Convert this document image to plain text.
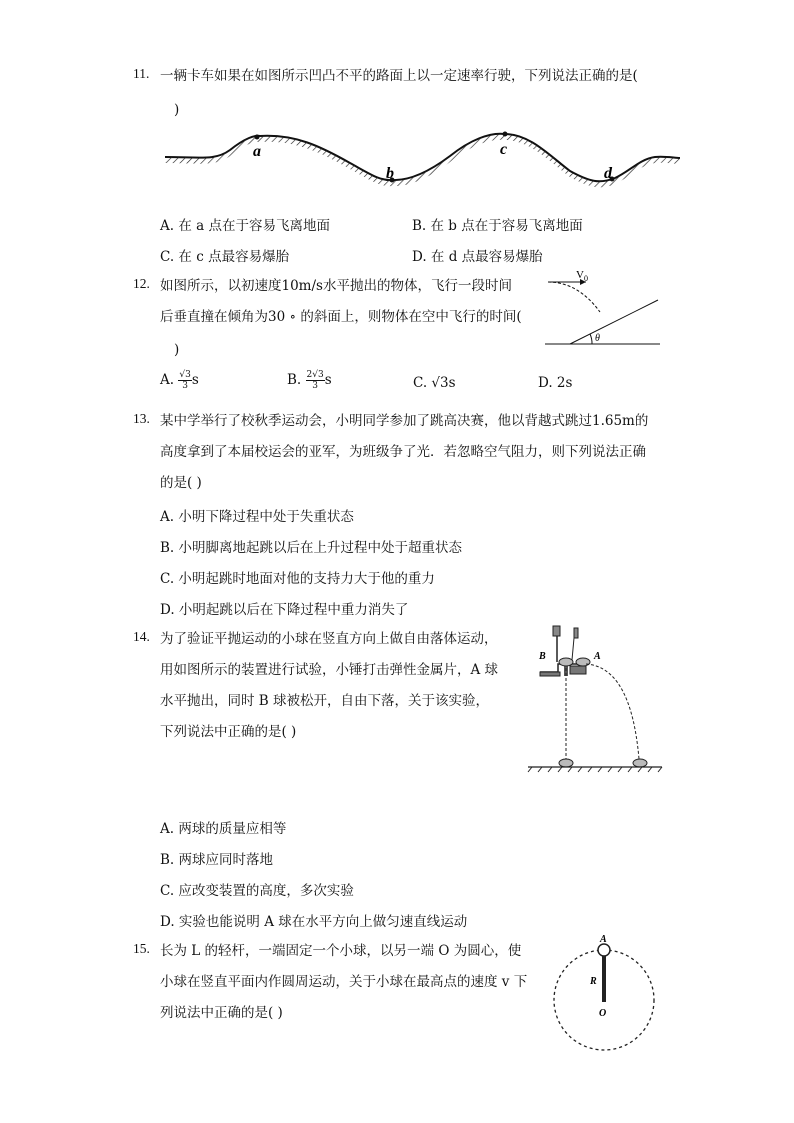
11. 一辆卡车如果在如图所示凹凸不平的路面上以一定速率行驶，下列说法正确的是(
)
a
b
c
d
A. 在 a 点在于容易飞离地面	B. 在 b 点在于容易飞离地面
C. 在 c 点最容易爆胎	D. 在 d 点最容易爆胎
12. 如图所示，以初速度10m/s水平抛出的物体，飞行一段时间
后垂直撞在倾角为30 ∘ 的斜面上，则物体在空中飞行的时间(
)
$V_0$
θ
A. $\frac{√3}{3}$ s	B. $\frac{2√3}{3}$ s	C. √3s	D. 2s
13. 某中学举行了校秋季运动会，小明同学参加了跳高决赛，他以背越式跳过1.65m的
高度拿到了本届校运会的亚军，为班级争了光．若忽略空气阻力，则下列说法正确
的是( )
A. 小明下降过程中处于失重状态
B. 小明脚离地起跳以后在上升过程中处于超重状态
C. 小明起跳时地面对他的支持力大于他的重力
D. 小明起跳以后在下降过程中重力消失了
14. 为了验证平抛运动的小球在竖直方向上做自由落体运动，
用如图所示的装置进行试验，小锤打击弹性金属片，A 球
水平抛出，同时 B 球被松开，自由下落，关于该实验，
下列说法中正确的是( )
B	A
A. 两球的质量应相等
B. 两球应同时落地
C. 应改变装置的高度，多次实验
D. 实验也能说明 A 球在水平方向上做匀速直线运动
15. 长为 L 的轻杆，一端固定一个小球，以另一端 O 为圆心，使
小球在竖直平面内作圆周运动，关于小球在最高点的速度 v 下
列说法中正确的是( )
A
R
O
